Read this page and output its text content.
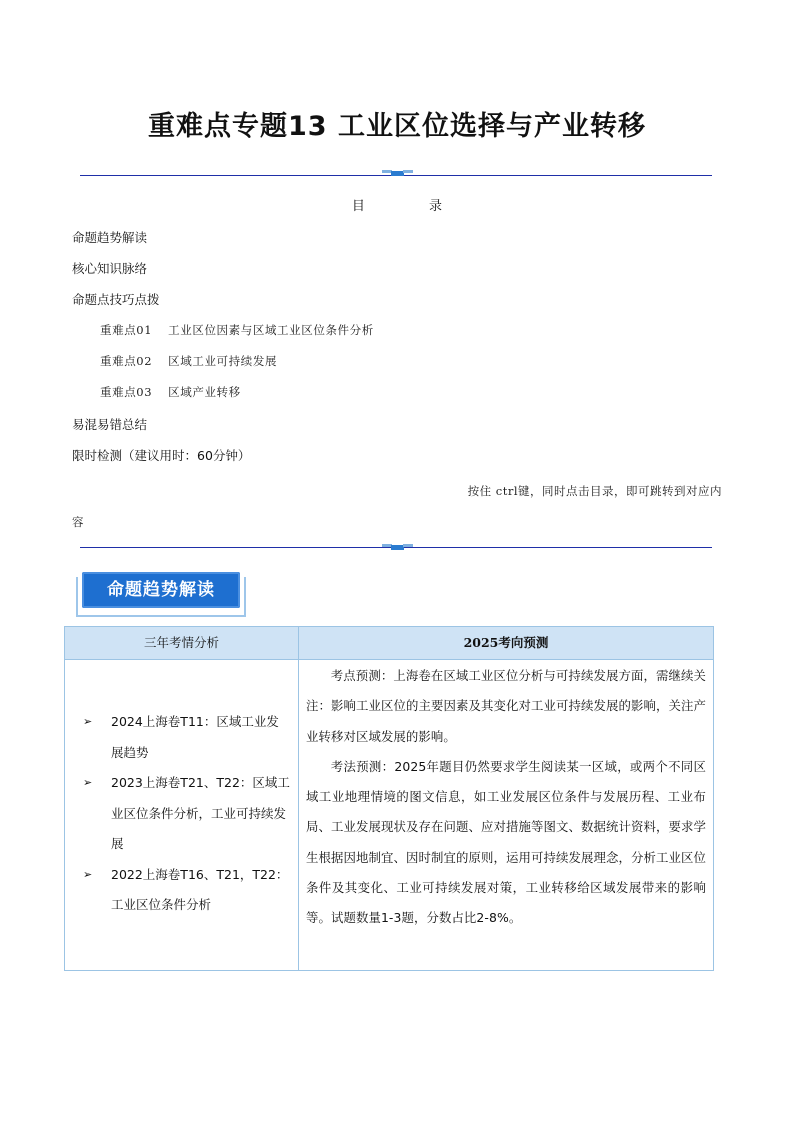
重难点专题13 工业区位选择与产业转移
目 录
命题趋势解读
核心知识脉络
命题点技巧点拨
重难点01 工业区位因素与区域工业区位条件分析
重难点02 区域工业可持续发展
重难点03 区域产业转移
易混易错总结
限时检测（建议用时：60分钟）
按住 ctrl键，同时点击目录，即可跳转到对应内
容
命题趋势解读
三年考情分析	2025考向预测
➢ 2024上海卷T11：区域工业发展趋势
➢ 2023上海卷T21、T22：区域工业区位条件分析，工业可持续发展
➢ 2022上海卷T16、T21，T22：工业区位条件分析

考点预测：上海卷在区域工业区位分析与可持续发展方面，需继续关注：影响工业区位的主要因素及其变化对工业可持续发展的影响，关注产业转移对区域发展的影响。

考法预测：2025年题目仍然要求学生阅读某一区域，或两个不同区域工业地理情境的图文信息，如工业发展区位条件与发展历程、工业布局、工业发展现状及存在问题、应对措施等图文、数据统计资料，要求学生根据因地制宜、因时制宜的原则，运用可持续发展理念，分析工业区位条件及其变化、工业可持续发展对策，工业转移给区域发展带来的影响等。试题数量1-3题，分数占比2-8%。
